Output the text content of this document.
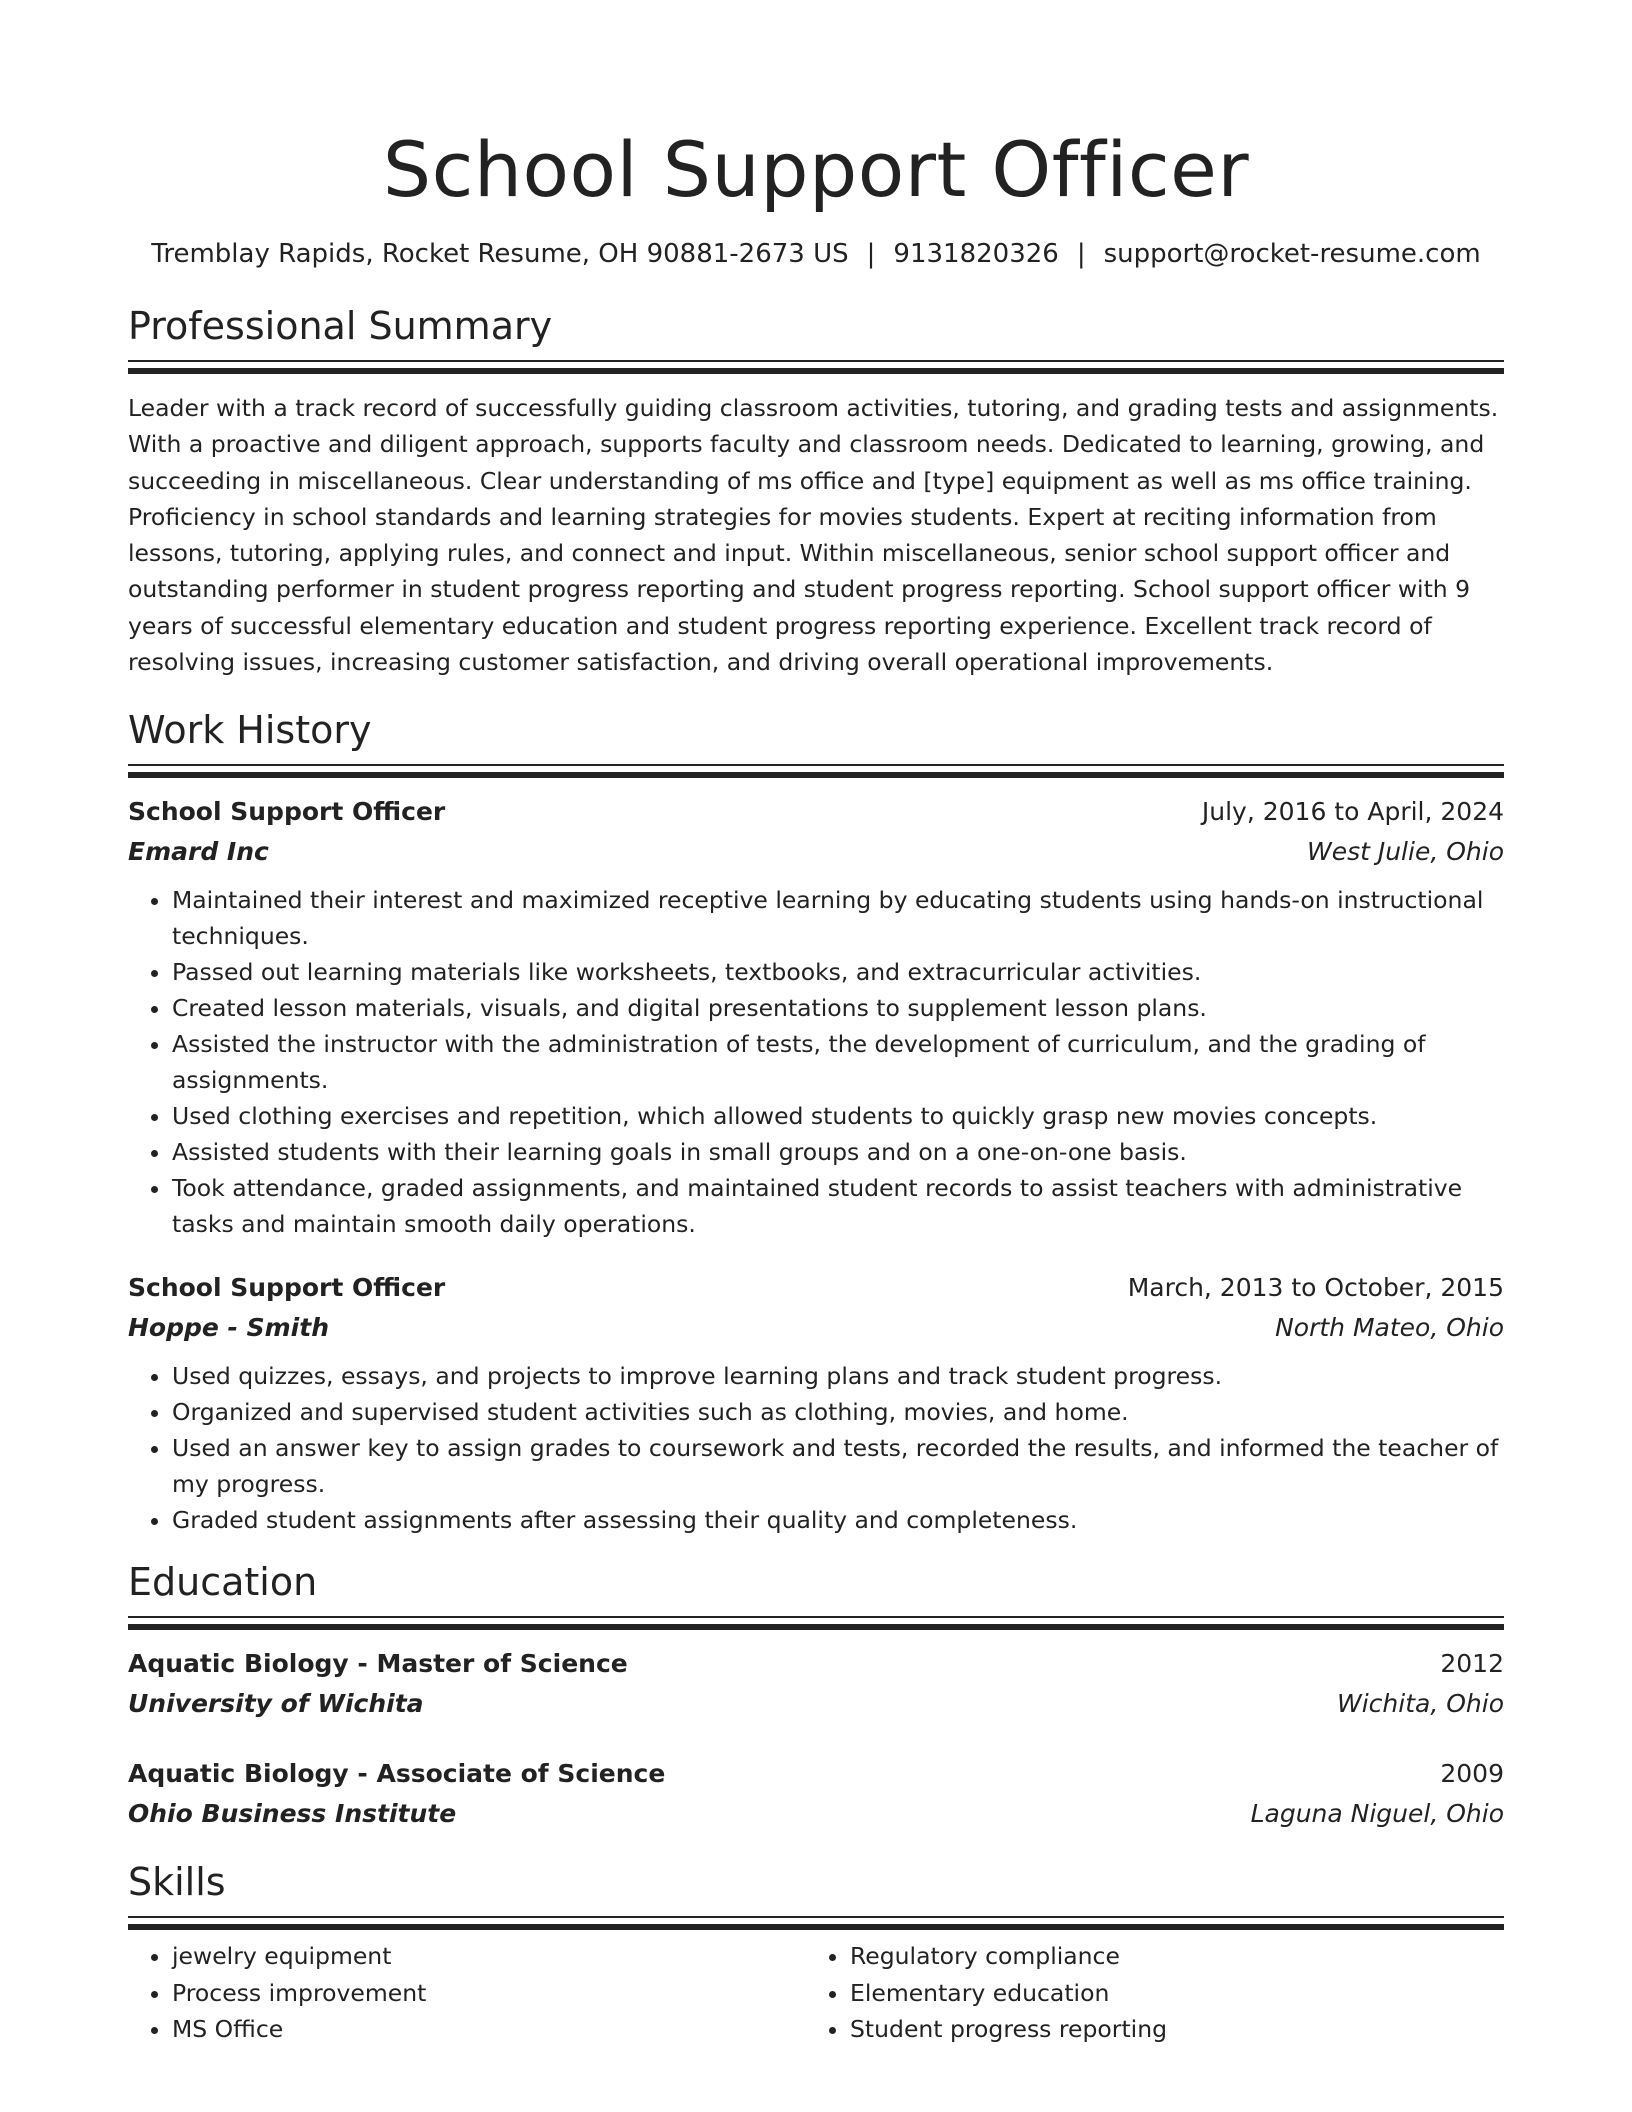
School Support Officer
Tremblay Rapids, Rocket Resume, OH 90881-2673 US | 9131820326 | support@rocket-resume.com
Professional Summary
Leader with a track record of successfully guiding classroom activities, tutoring, and grading tests and assignments. With a proactive and diligent approach, supports faculty and classroom needs. Dedicated to learning, growing, and succeeding in miscellaneous. Clear understanding of ms office and [type] equipment as well as ms office training. Proficiency in school standards and learning strategies for movies students. Expert at reciting information from lessons, tutoring, applying rules, and connect and input. Within miscellaneous, senior school support officer and outstanding performer in student progress reporting and student progress reporting. School support officer with 9 years of successful elementary education and student progress reporting experience. Excellent track record of resolving issues, increasing customer satisfaction, and driving overall operational improvements.
Work History
School Support Officer	July, 2016 to April, 2024
Emard Inc	West Julie, Ohio
• Maintained their interest and maximized receptive learning by educating students using hands-on instructional techniques.
• Passed out learning materials like worksheets, textbooks, and extracurricular activities.
• Created lesson materials, visuals, and digital presentations to supplement lesson plans.
• Assisted the instructor with the administration of tests, the development of curriculum, and the grading of assignments.
• Used clothing exercises and repetition, which allowed students to quickly grasp new movies concepts.
• Assisted students with their learning goals in small groups and on a one-on-one basis.
• Took attendance, graded assignments, and maintained student records to assist teachers with administrative tasks and maintain smooth daily operations.
School Support Officer	March, 2013 to October, 2015
Hoppe - Smith	North Mateo, Ohio
• Used quizzes, essays, and projects to improve learning plans and track student progress.
• Organized and supervised student activities such as clothing, movies, and home.
• Used an answer key to assign grades to coursework and tests, recorded the results, and informed the teacher of my progress.
• Graded student assignments after assessing their quality and completeness.
Education
Aquatic Biology - Master of Science	2012
University of Wichita	Wichita, Ohio
Aquatic Biology - Associate of Science	2009
Ohio Business Institute	Laguna Niguel, Ohio
Skills
• jewelry equipment
• Process improvement
• MS Office
• Regulatory compliance
• Elementary education
• Student progress reporting
